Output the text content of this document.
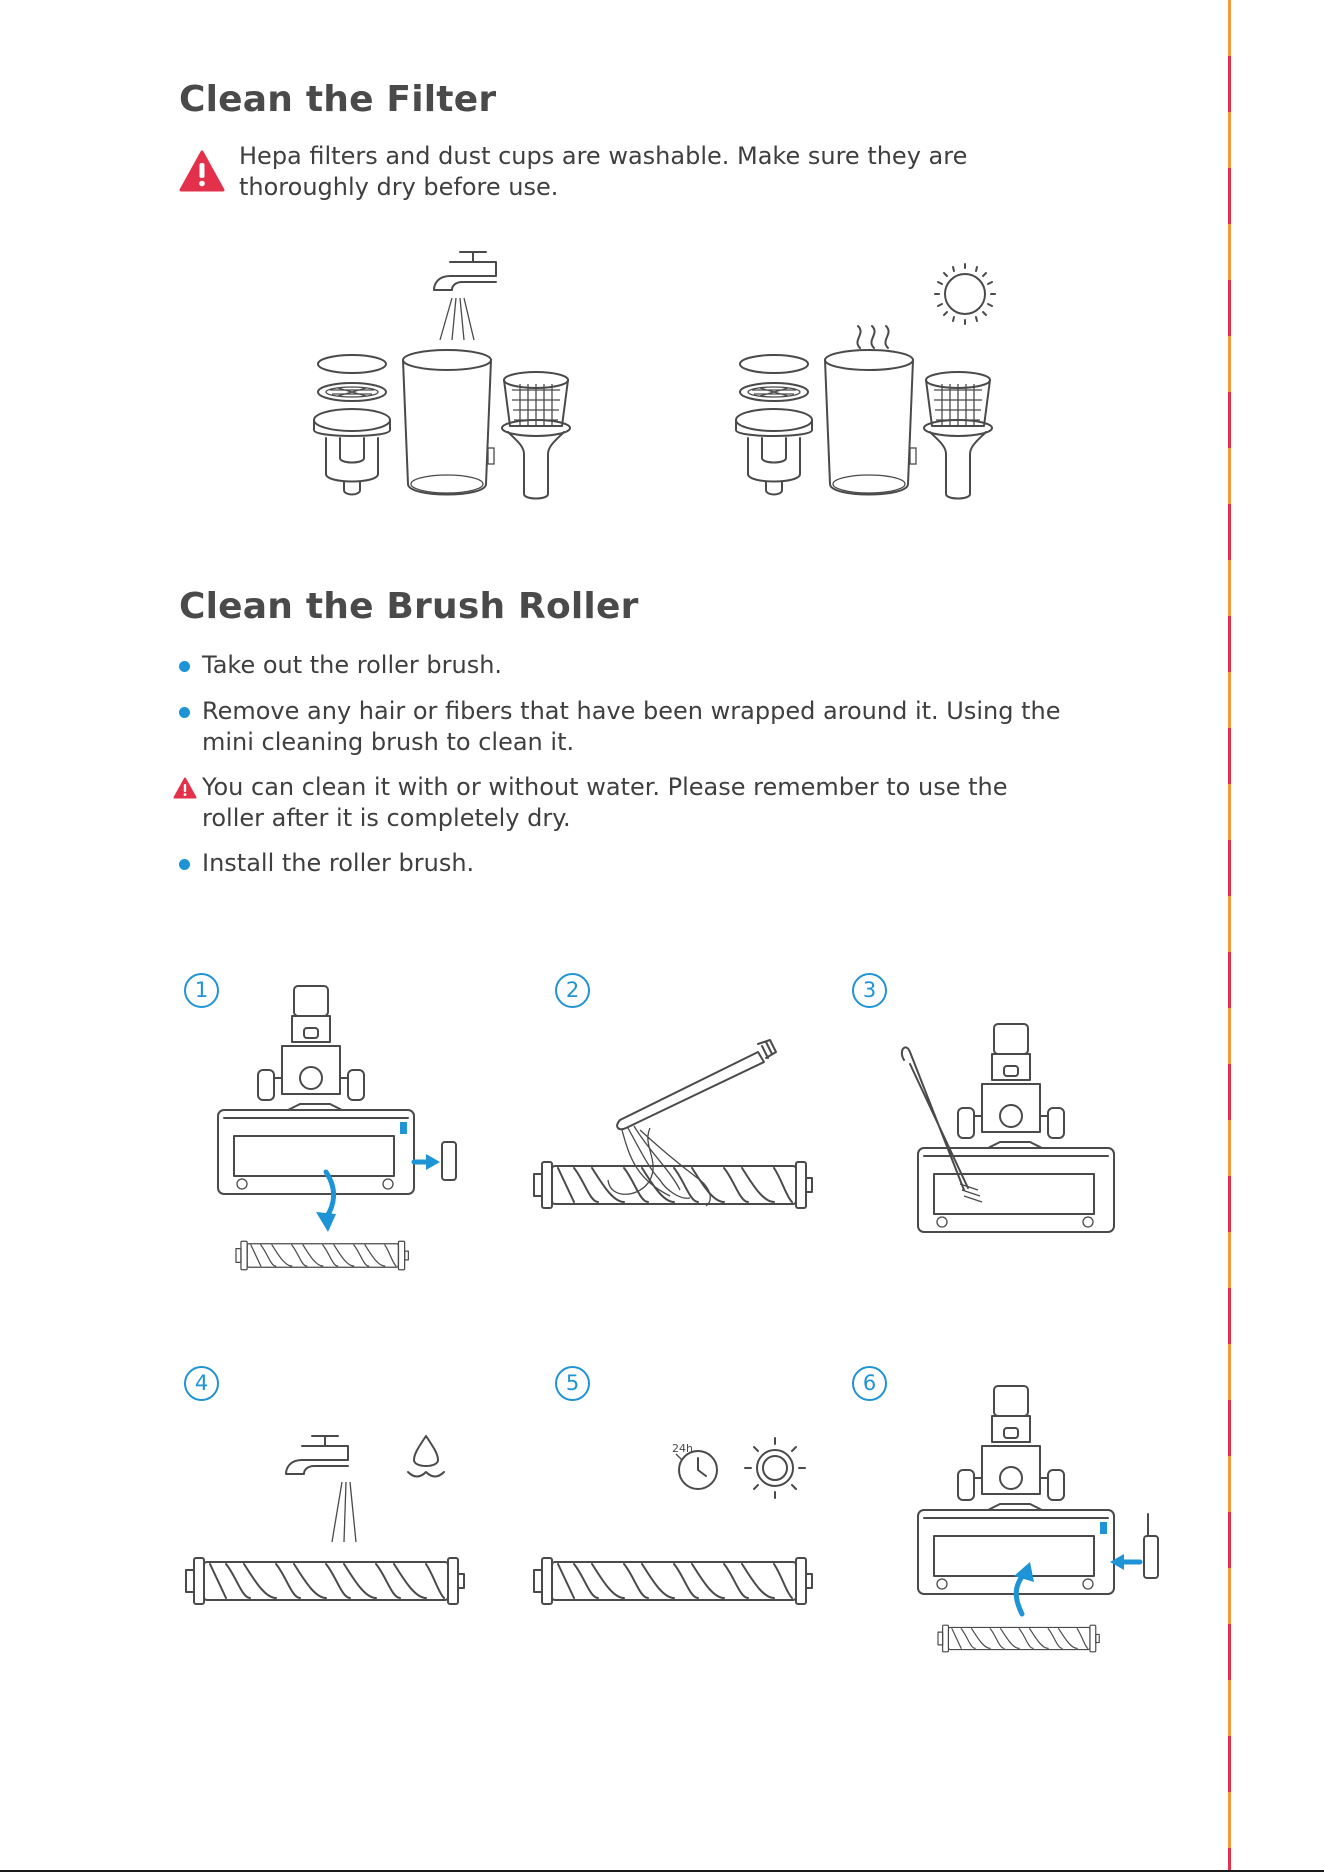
Clean the Filter
Hepa filters and dust cups are washable. Make sure they are
thoroughly dry before use.
Clean the Brush Roller
Take out the roller brush.
Remove any hair or fibers that have been wrapped around it. Using the
mini cleaning brush to clean it.
You can clean it with or without water. Please remember to use the
roller after it is completely dry.
Install the roller brush.
1	2	3
4	5	6
24h
